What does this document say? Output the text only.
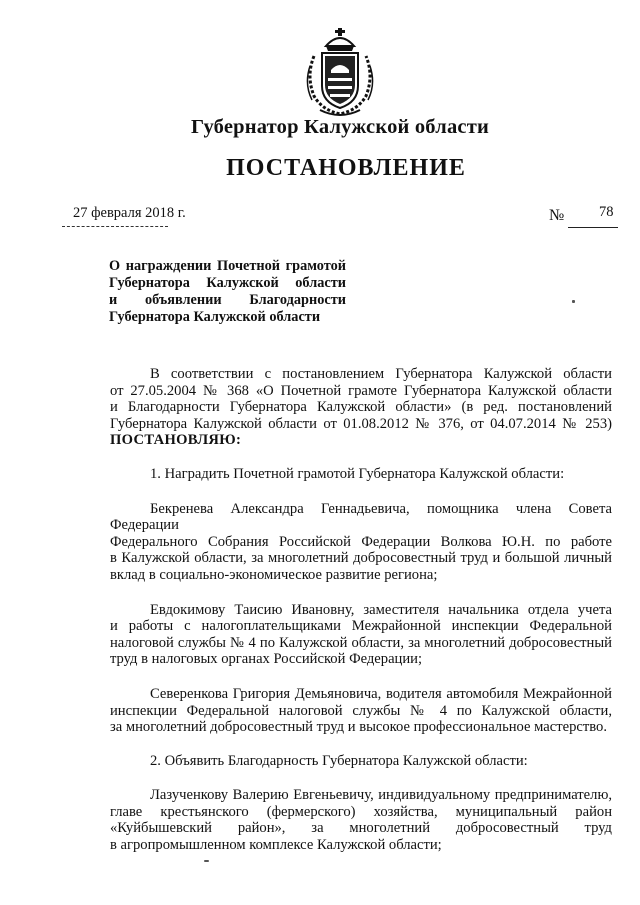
Губернатор Калужской области
ПОСТАНОВЛЕНИЕ
27 февраля 2018 г.	№ 78
О награждении Почетной грамотой
Губернатора Калужской области
и объявлении Благодарности
Губернатора Калужской области
В соответствии с постановлением Губернатора Калужской области
от 27.05.2004 № 368 «О Почетной грамоте Губернатора Калужской области
и Благодарности Губернатора Калужской области» (в ред. постановлений
Губернатора Калужской области от 01.08.2012 № 376, от 04.07.2014 № 253)
ПОСТАНОВЛЯЮ:
1. Наградить Почетной грамотой Губернатора Калужской области:
Бекренева Александра Геннадьевича, помощника члена Совета Федерации
Федерального Собрания Российской Федерации Волкова Ю.Н. по работе
в Калужской области, за многолетний добросовестный труд и большой личный
вклад в социально-экономическое развитие региона;
Евдокимову Таисию Ивановну, заместителя начальника отдела учета
и работы с налогоплательщиками Межрайонной инспекции Федеральной
налоговой службы № 4 по Калужской области, за многолетний добросовестный
труд в налоговых органах Российской Федерации;
Северенкова Григория Демьяновича, водителя автомобиля Межрайонной
инспекции Федеральной налоговой службы № 4 по Калужской области,
за многолетний добросовестный труд и высокое профессиональное мастерство.
2. Объявить Благодарность Губернатора Калужской области:
Лазученкову Валерию Евгеньевичу, индивидуальному предпринимателю,
главе крестьянского (фермерского) хозяйства, муниципальный район
«Куйбышевский район», за многолетний добросовестный труд
в агропромышленном комплексе Калужской области;
